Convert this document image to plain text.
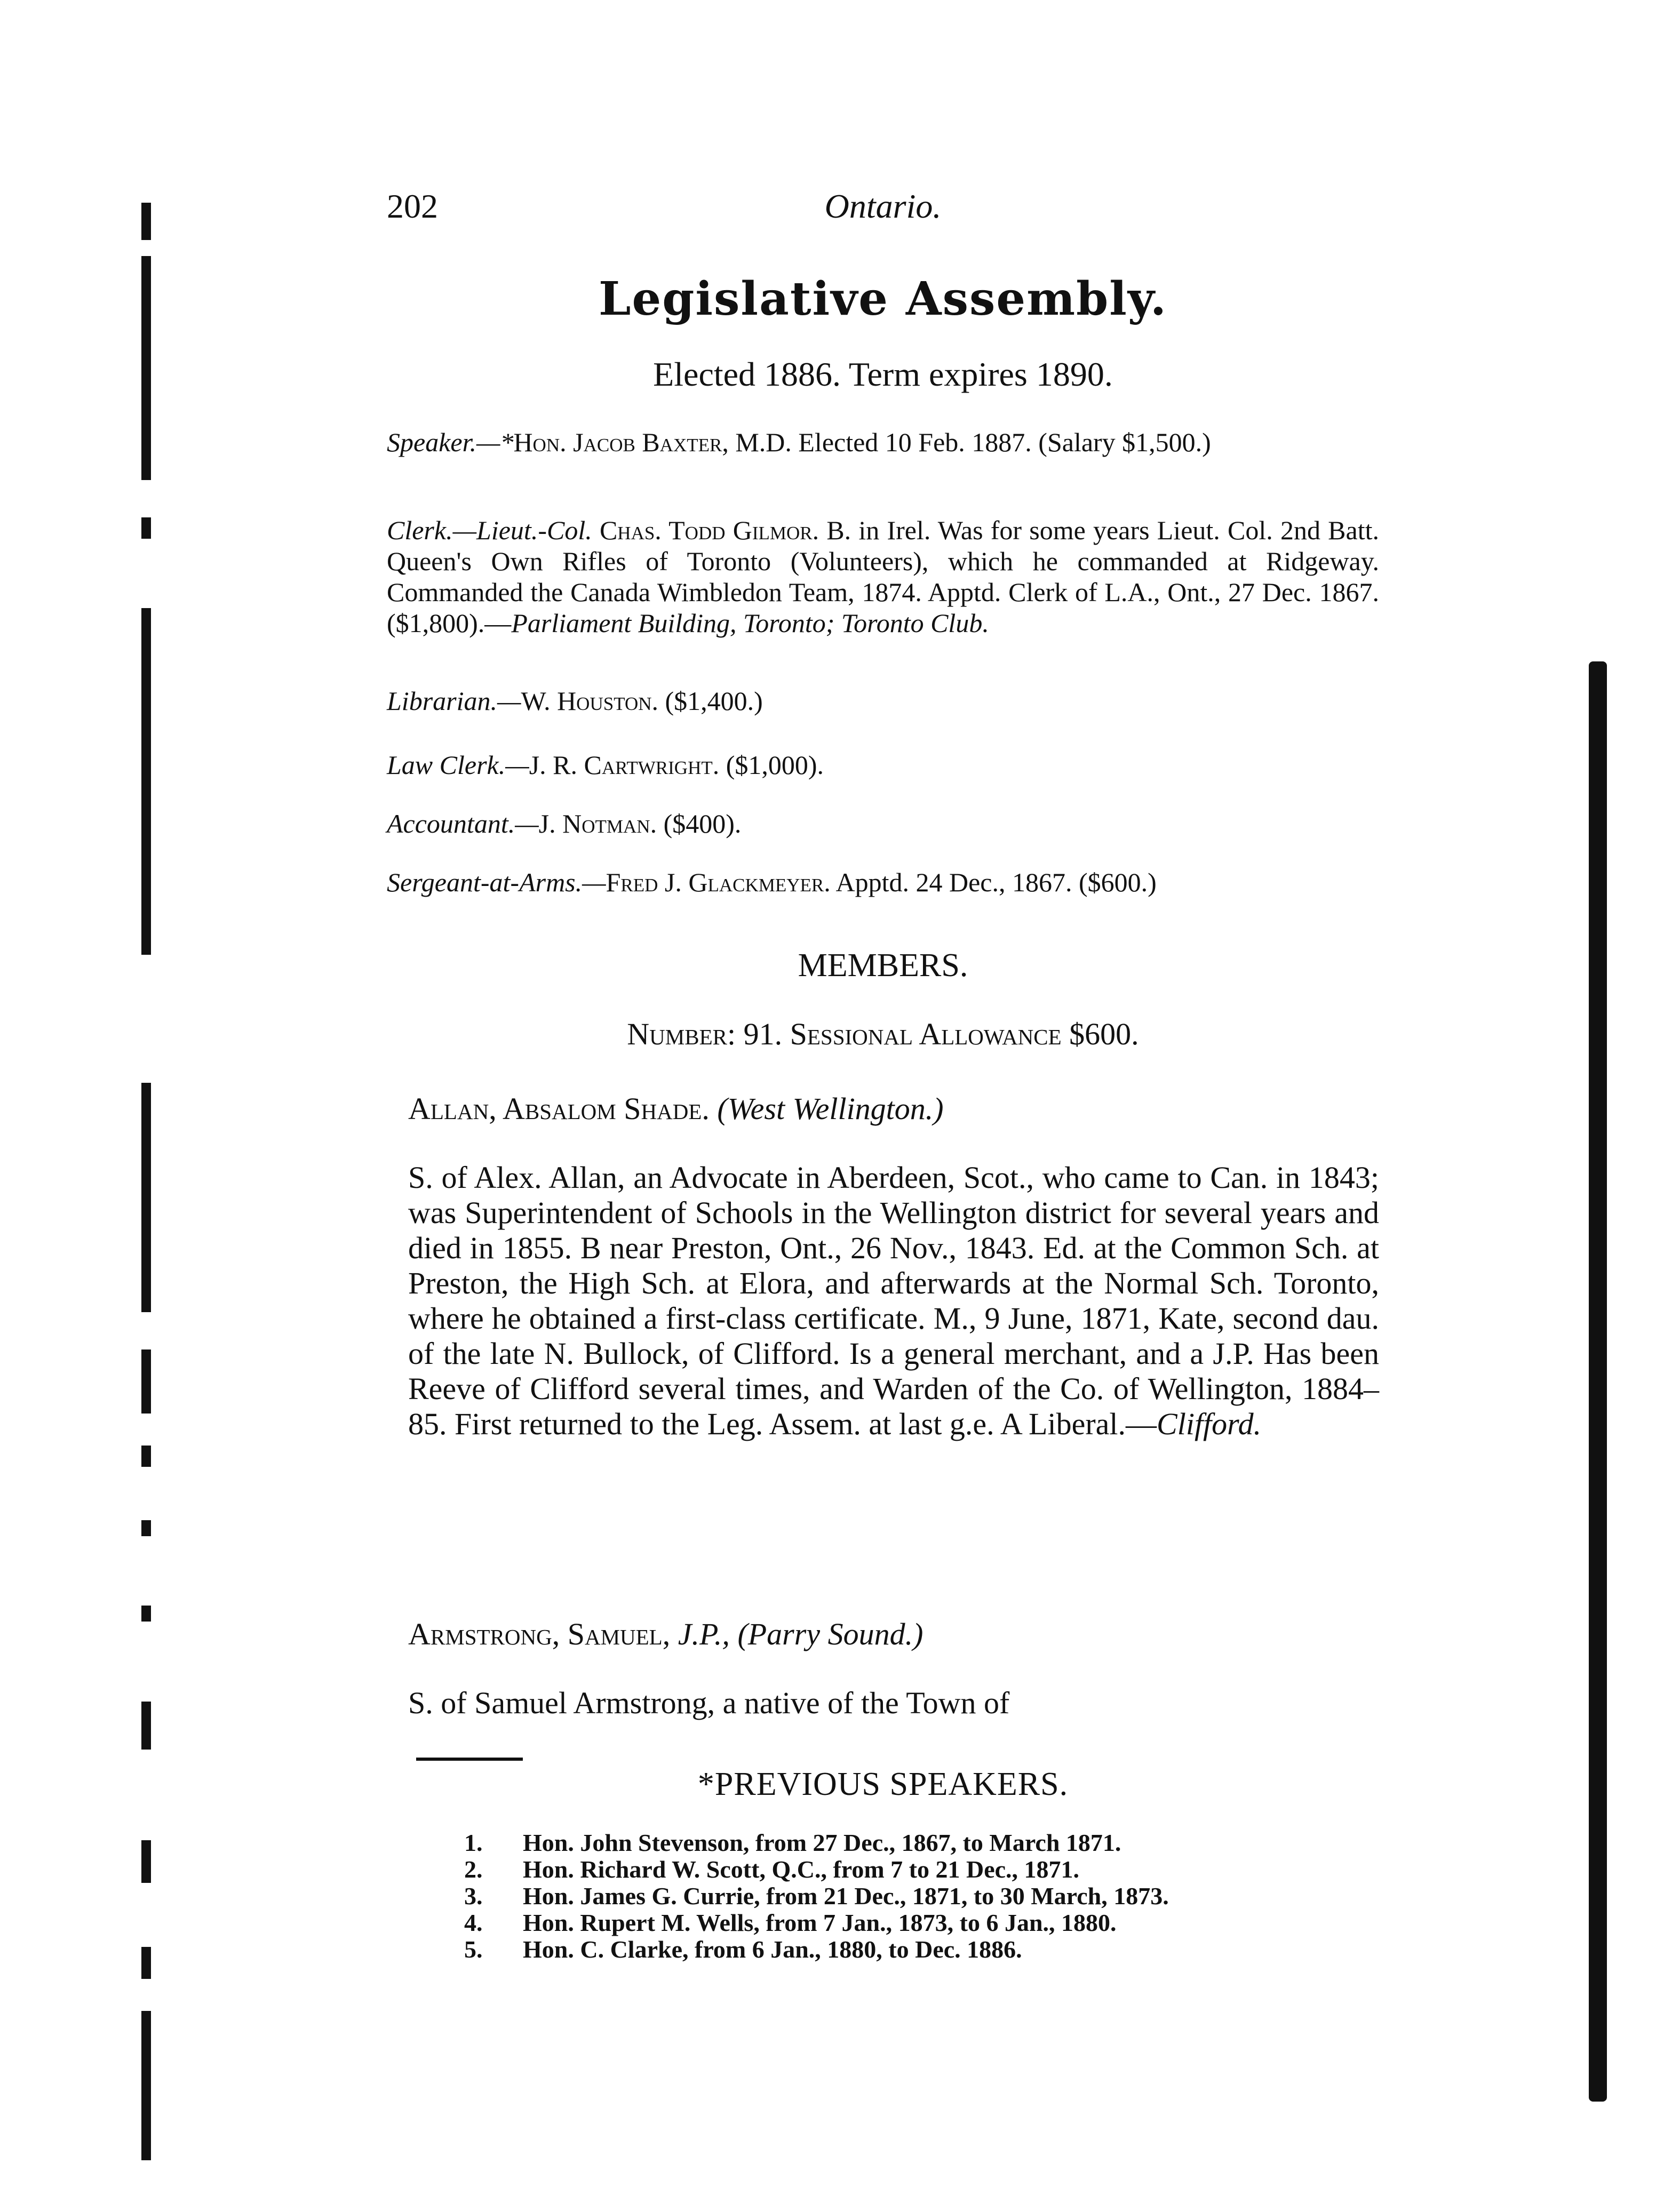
202	Ontario.
Legislative Assembly.
Elected 1886. Term expires 1890.
Speaker.—*Hon. Jacob Baxter, M.D. Elected 10 Feb. 1887. (Salary $1,500.)
Clerk.—Lieut.-Col. Chas. Todd Gilmor. B. in Irel. Was for some years Lieut. Col. 2nd Batt. Queen's Own Rifles of Toronto (Volunteers), which he commanded at Ridgeway. Commanded the Canada Wimbledon Team, 1874. Apptd. Clerk of L.A., Ont., 27 Dec. 1867. ($1,800).—Parliament Building, Toronto; Toronto Club.
Librarian.—W. Houston. ($1,400.)
Law Clerk.—J. R. Cartwright. ($1,000).
Accountant.—J. Notman. ($400).
Sergeant-at-Arms.—Fred J. Glackmeyer. Apptd. 24 Dec., 1867. ($600.)
MEMBERS.
Number: 91. Sessional Allowance $600.
Allan, Absalom Shade. (West Wellington.)
S. of Alex. Allan, an Advocate in Aberdeen, Scot., who came to Can. in 1843; was Superintendent of Schools in the Wellington district for several years and died in 1855. B near Preston, Ont., 26 Nov., 1843. Ed. at the Common Sch. at Preston, the High Sch. at Elora, and afterwards at the Normal Sch. Toronto, where he obtained a first-class certificate. M., 9 June, 1871, Kate, second dau. of the late N. Bullock, of Clifford. Is a general merchant, and a J.P. Has been Reeve of Clifford several times, and Warden of the Co. of Wellington, 1884–85. First returned to the Leg. Assem. at last g.e. A Liberal.—Clifford.
Armstrong, Samuel, J.P., (Parry Sound.)
S. of Samuel Armstrong, a native of the Town of
*PREVIOUS SPEAKERS.
1.	Hon. John Stevenson, from 27 Dec., 1867, to March 1871.
2.	Hon. Richard W. Scott, Q.C., from 7 to 21 Dec., 1871.
3.	Hon. James G. Currie, from 21 Dec., 1871, to 30 March, 1873.
4.	Hon. Rupert M. Wells, from 7 Jan., 1873, to 6 Jan., 1880.
5.	Hon. C. Clarke, from 6 Jan., 1880, to Dec. 1886.
